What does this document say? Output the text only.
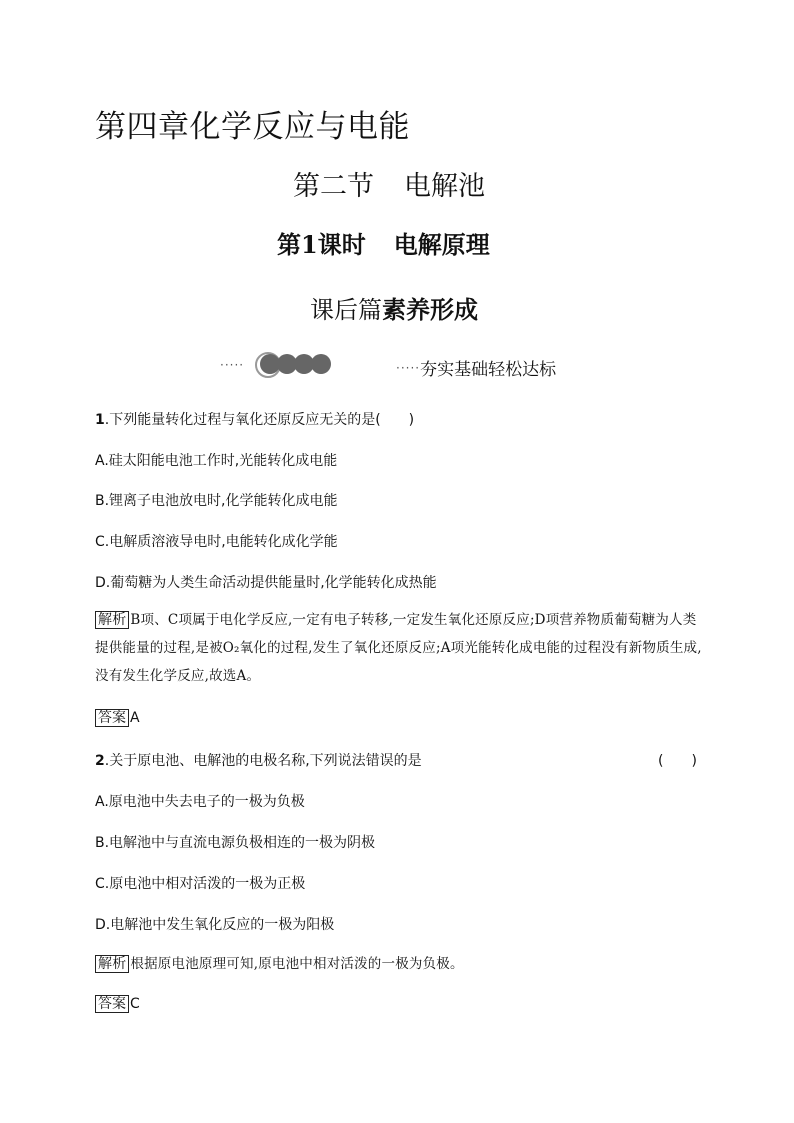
第四章化学反应与电能
第二节 电解池
第1课时 电解原理
课后篇素养形成
·····	·····夯实基础轻松达标
1.下列能量转化过程与氧化还原反应无关的是(　　)
A.硅太阳能电池工作时,光能转化成电能
B.锂离子电池放电时,化学能转化成电能
C.电解质溶液导电时,电能转化成化学能
D.葡萄糖为人类生命活动提供能量时,化学能转化成热能
解析 B项、C项属于电化学反应,一定有电子转移,一定发生氧化还原反应;D项营养物质葡萄糖为人类提供能量的过程,是被O₂氧化的过程,发生了氧化还原反应;A项光能转化成电能的过程没有新物质生成,没有发生化学反应,故选A。
答案 A
2.关于原电池、电解池的电极名称,下列说法错误的是	(　　)
A.原电池中失去电子的一极为负极
B.电解池中与直流电源负极相连的一极为阴极
C.原电池中相对活泼的一极为正极
D.电解池中发生氧化反应的一极为阳极
解析 根据原电池原理可知,原电池中相对活泼的一极为负极。
答案 C
